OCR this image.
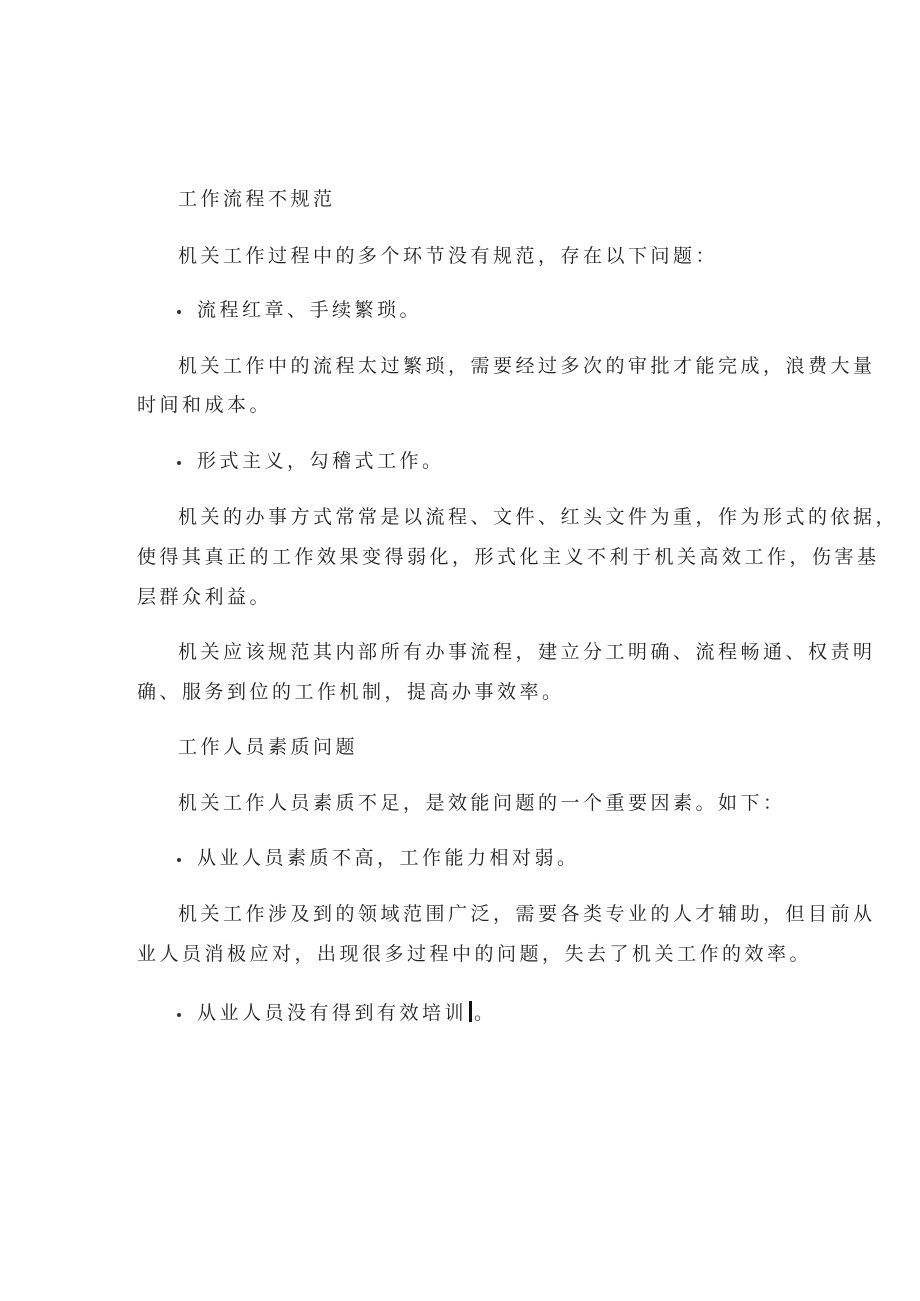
工作流程不规范
机关工作过程中的多个环节没有规范，存在以下问题：
流程红章、手续繁琐。
机关工作中的流程太过繁琐，需要经过多次的审批才能完成，浪费大量
时间和成本。
形式主义，勾稽式工作。
机关的办事方式常常是以流程、文件、红头文件为重，作为形式的依据，
使得其真正的工作效果变得弱化，形式化主义不利于机关高效工作，伤害基
层群众利益。
机关应该规范其内部所有办事流程，建立分工明确、流程畅通、权责明
确、服务到位的工作机制，提高办事效率。
工作人员素质问题
机关工作人员素质不足，是效能问题的一个重要因素。如下：
从业人员素质不高，工作能力相对弱。
机关工作涉及到的领域范围广泛，需要各类专业的人才辅助，但目前从
业人员消极应对，出现很多过程中的问题，失去了机关工作的效率。
从业人员没有得到有效培训 。
